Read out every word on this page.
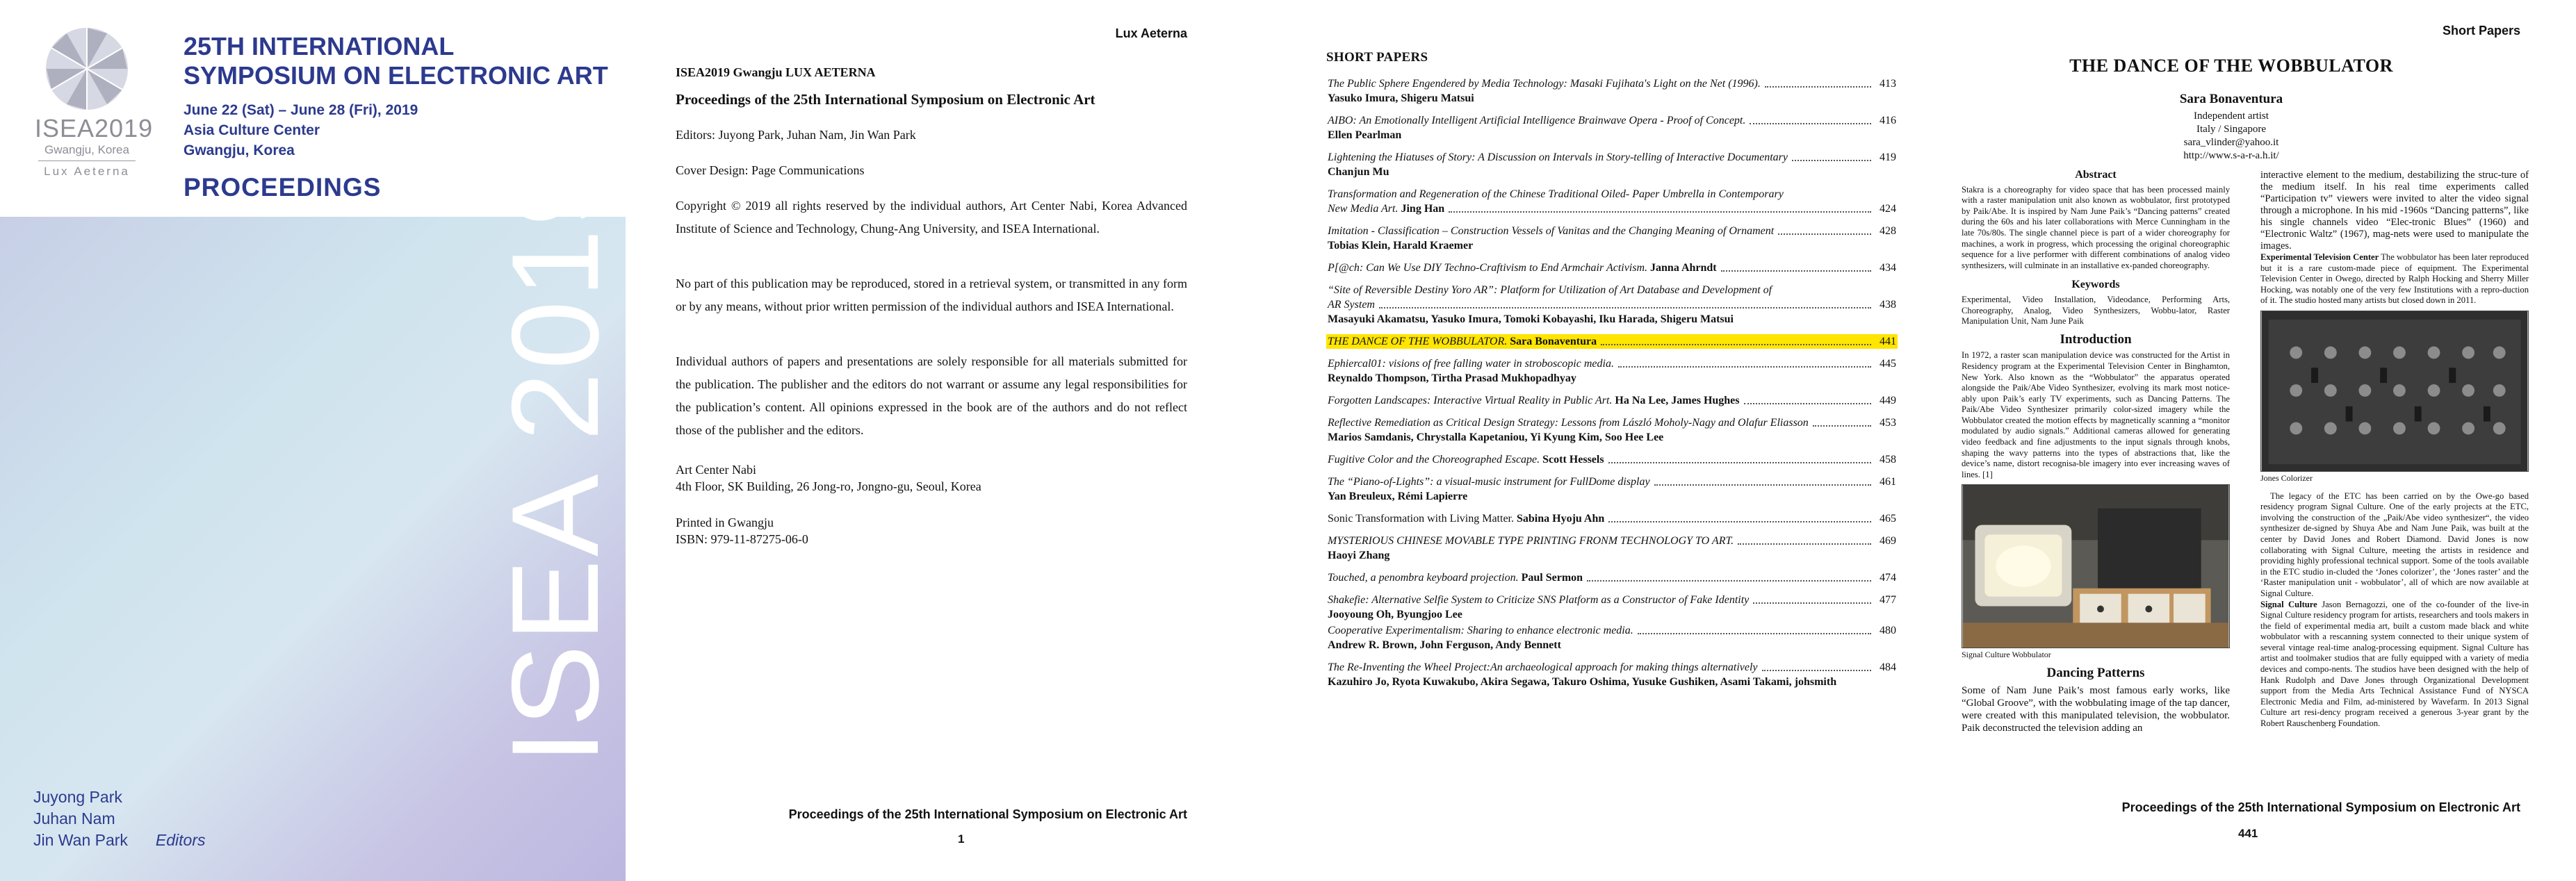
ISEA2019
Gwangju, Korea
Lux Aeterna
25TH INTERNATIONAL
SYMPOSIUM ON ELECTRONIC ART
June 22 (Sat) – June 28 (Fri), 2019
Asia Culture Center
Gwangju, Korea
PROCEEDINGS ISEA 2019
Juyong Park
Juhan Nam
Jin Wan Park Editors
Lux Aeterna

ISEA2019 Gwangju LUX AETERNA

Proceedings of the 25th International Symposium on Electronic Art

Editors: Juyong Park, Juhan Nam, Jin Wan Park

Cover Design: Page Communications

Copyright © 2019 all rights reserved by the individual authors, Art Center Nabi, Korea Advanced Institute of Science and Technology, Chung-Ang University, and ISEA International.

No part of this publication may be reproduced, stored in a retrieval system, or transmitted in any form or by any means, without prior written permission of the individual authors and ISEA International.

Individual authors of papers and presentations are solely responsible for all materials submitted for the publication. The publisher and the editors do not warrant or assume any legal responsibilities for the publication’s content. All opinions expressed in the book are of the authors and do not reflect those of the publisher and the editors.

Art Center Nabi

4th Floor, SK Building, 26 Jong-ro, Jongno-gu, Seoul, Korea

Printed in Gwangju

ISBN: 979-11-87275-06-0

Proceedings of the 25th International Symposium on Electronic Art
1
SHORT PAPERS
The Public Sphere Engendered by Media Technology: Masaki Fujihata's Light on the Net (1996).	413
Yasuko Imura, Shigeru Matsui
AIBO: An Emotionally Intelligent Artificial Intelligence Brainwave Opera - Proof of Concept.	416
Ellen Pearlman
Lightening the Hiatuses of Story: A Discussion on Intervals in Story-telling of Interactive Documentary	419
Chanjun Mu
Transformation and Regeneration of the Chinese Traditional Oiled- Paper Umbrella in Contemporary
New Media Art. Jing Han	424
Imitation - Classification – Construction Vessels of Vanitas and the Changing Meaning of Ornament	428
Tobias Klein, Harald Kraemer
P[@ch: Can We Use DIY Techno-Craftivism to End Armchair Activism. Janna Ahrndt	434
“Site of Reversible Destiny Yoro AR”: Platform for Utilization of Art Database and Development of
AR System	438
Masayuki Akamatsu, Yasuko Imura, Tomoki Kobayashi, Iku Harada, Shigeru Matsui
THE DANCE OF THE WOBBULATOR. Sara Bonaventura	441
Ephiercal01: visions of free falling water in stroboscopic media.	445
Reynaldo Thompson, Tirtha Prasad Mukhopadhyay
Forgotten Landscapes: Interactive Virtual Reality in Public Art. Ha Na Lee, James Hughes	449
Reflective Remediation as Critical Design Strategy: Lessons from László Moholy-Nagy and Olafur Eliasson	453
Marios Samdanis, Chrystalla Kapetaniou, Yi Kyung Kim, Soo Hee Lee
Fugitive Color and the Choreographed Escape. Scott Hessels	458
The “Piano-of-Lights”: a visual-music instrument for FullDome display	461
Yan Breuleux, Rémi Lapierre
Sonic Transformation with Living Matter. Sabina Hyoju Ahn	465
MYSTERIOUS CHINESE MOVABLE TYPE PRINTING FRONM TECHNOLOGY TO ART.	469
Haoyi Zhang
Touched, a penombra keyboard projection. Paul Sermon	474
Shakefie: Alternative Selfie System to Criticize SNS Platform as a Constructor of Fake Identity	477
Jooyoung Oh, Byungjoo Lee
Cooperative Experimentalism: Sharing to enhance electronic media.	480
Andrew R. Brown, John Ferguson, Andy Bennett
The Re-Inventing the Wheel Project:An archaeological approach for making things alternatively	484
Kazuhiro Jo, Ryota Kuwakubo, Akira Segawa, Takuro Oshima, Yusuke Gushiken, Asami Takami, johsmith
Short Papers
THE DANCE OF THE WOBBULATOR
Sara Bonaventura
Independent artist
Italy / Singapore
sara_vlinder@yahoo.it
http://www.s-a-r-a.h.it/
Abstract

Stakra is a choreography for video space that has been processed mainly with a raster manipulation unit also known as wobbulator, first prototyped by Paik/Abe. It is inspired by Nam June Paik’s “Dancing patterns” created during the 60s and his later collaborations with Merce Cunningham in the late 70s/80s. The single channel piece is part of a wider choreography for machines, a work in progress, which processing the original choreographic sequence for a live performer with different combinations of analog video synthesizers, will culminate in an installative ex-panded choreography.

Keywords

Experimental, Video Installation, Videodance, Performing Arts, Choreography, Analog, Video Synthesizers, Wobbu-lator, Raster Manipulation Unit, Nam June Paik

Introduction

In 1972, a raster scan manipulation device was constructed for the Artist in Residency program at the Experimental Television Center in Binghamton, New York. Also known as the “Wobbulator” the apparatus operated alongside the Paik/Abe Video Synthesizer, evolving its mark most notice-ably upon Paik’s early TV experiments, such as Dancing Patterns. The Paik/Abe Video Synthesizer primarily color-sized imagery while the Wobbulator created the motion effects by magnetically scanning a “monitor modulated by audio signals.” Additional cameras allowed for generating video feedback and fine adjustments to the input signals through knobs, shaping the wavy patterns into the types of abstractions that, like the device’s name, distort recognisa-ble imagery into ever increasing waves of lines. [1]

Signal Culture Wobbulator
Dancing Patterns

Some of Nam June Paik’s most famous early works, like “Global Groove”, with the wobbulating image of the tap dancer, were created with this manipulated television, the wobbulator. Paik deconstructed the television adding an

interactive element to the medium, destabilizing the struc-ture of the medium itself. In his real time experiments called “Participation tv” viewers were invited to alter the video signal through a microphone. In his mid -1960s “Dancing patterns”, like his single channels video “Elec-tronic Blues” (1960) and “Electronic Waltz” (1967), mag-nets were used to manipulate the images.

Experimental Television Center The wobbulator has been later reproduced but it is a rare custom-made piece of equipment. The Experimental Television Center in Owego, directed by Ralph Hocking and Sherry Miller Hocking, was notably one of the very few Institutions with a repro-duction of it. The studio hosted many artists but closed down in 2011.

Jones Colorizer

The legacy of the ETC has been carried on by the Owe-go based residency program Signal Culture. One of the early projects at the ETC, involving the construction of the „Paik/Abe video synthesizer“, the video synthesizer de-signed by Shuya Abe and Nam June Paik, was built at the center by David Jones and Robert Diamond. David Jones is now collaborating with Signal Culture, meeting the artists in residence and providing highly professional technical support. Some of the tools available in the ETC studio in-cluded the ‘Jones colorizer’, the ‘Jones raster’ and the ‘Raster manipulation unit - wobbulator’, all of which are now available at Signal Culture.

Signal Culture Jason Bernagozzi, one of the co-founder of the live-in Signal Culture residency program for artists, researchers and tools makers in the field of experimental media art, built a custom made black and white wobbulator with a rescanning system connected to their unique system of several vintage real-time analog-processing equipment. Signal Culture has artist and toolmaker studios that are fully equipped with a variety of media devices and compo-nents. The studios have been designed with the help of Hank Rudolph and Dave Jones through Organizational Development support from the Media Arts Technical Assistance Fund of NYSCA Electronic Media and Film, ad-ministered by Wavefarm. In 2013 Signal Culture art resi-dency program received a generous 3-year grant by the Robert Rauschenberg Foundation.

Proceedings of the 25th International Symposium on Electronic Art
441
